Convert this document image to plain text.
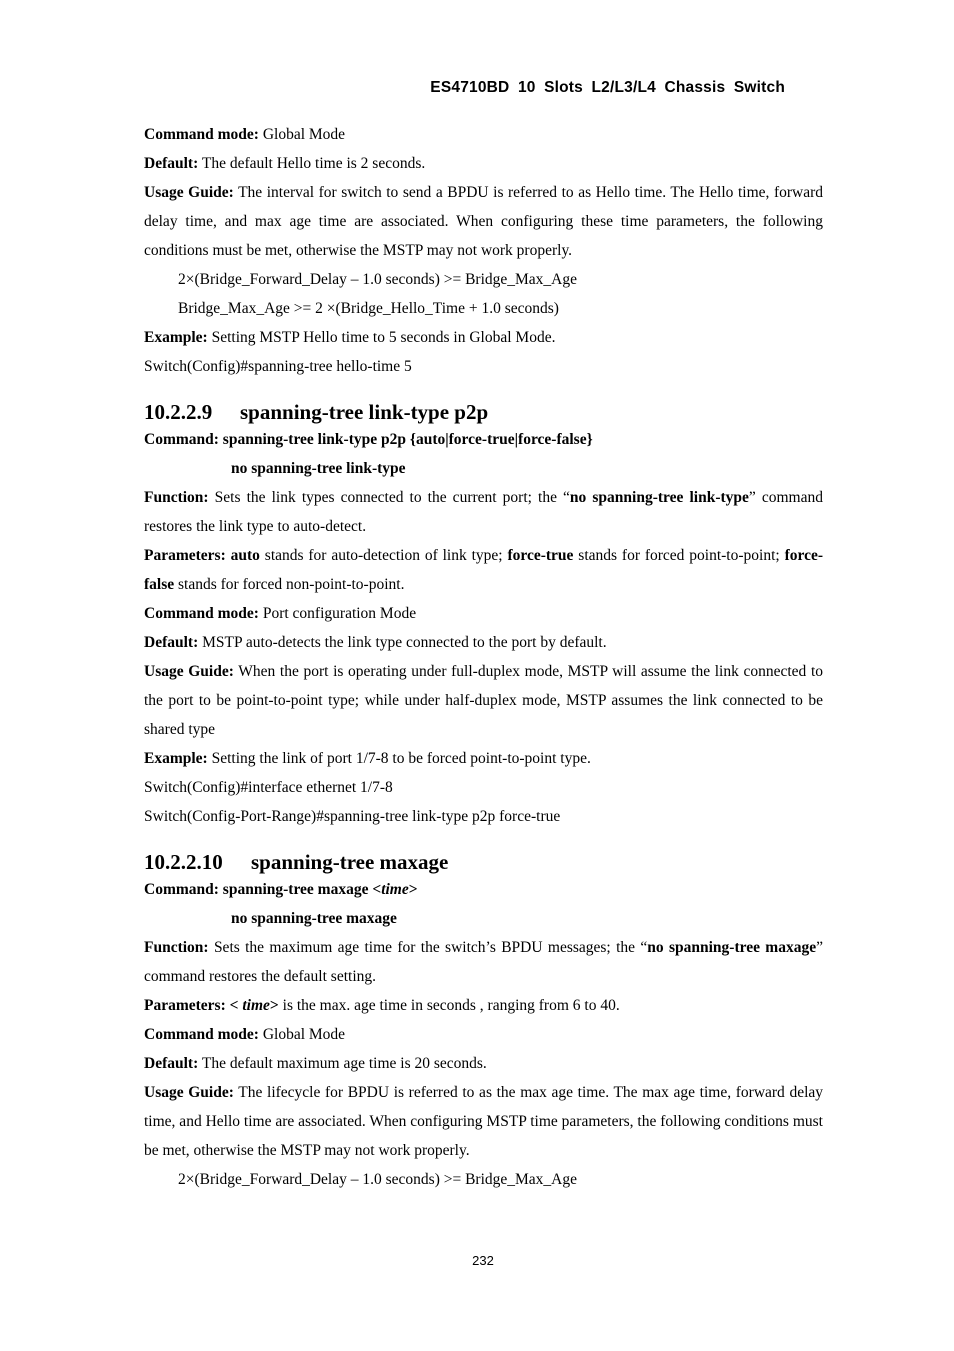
ES4710BD 10 Slots L2/L3/L4 Chassis Switch
Command mode: Global Mode
Default: The default Hello time is 2 seconds.
Usage Guide: The interval for switch to send a BPDU is referred to as Hello time. The Hello time, forward delay time, and max age time are associated. When configuring these time parameters, the following conditions must be met, otherwise the MSTP may not work properly.
2×(Bridge_Forward_Delay – 1.0 seconds) >= Bridge_Max_Age
Bridge_Max_Age >= 2 ×(Bridge_Hello_Time + 1.0 seconds)
Example: Setting MSTP Hello time to 5 seconds in Global Mode.
Switch(Config)#spanning-tree hello-time 5
10.2.2.9 spanning-tree link-type p2p
Command: spanning-tree link-type p2p {auto|force-true|force-false}
no spanning-tree link-type
Function: Sets the link types connected to the current port; the “no spanning-tree link-type” command restores the link type to auto-detect.
Parameters: auto stands for auto-detection of link type; force-true stands for forced point-to-point; force-false stands for forced non-point-to-point.
Command mode: Port configuration Mode
Default: MSTP auto-detects the link type connected to the port by default.
Usage Guide: When the port is operating under full-duplex mode, MSTP will assume the link connected to the port to be point-to-point type; while under half-duplex mode, MSTP assumes the link connected to be shared type
Example: Setting the link of port 1/7-8 to be forced point-to-point type.
Switch(Config)#interface ethernet 1/7-8
Switch(Config-Port-Range)#spanning-tree link-type p2p force-true
10.2.2.10 spanning-tree maxage
Command: spanning-tree maxage <time>
no spanning-tree maxage
Function: Sets the maximum age time for the switch’s BPDU messages; the “no spanning-tree maxage” command restores the default setting.
Parameters: < time> is the max. age time in seconds , ranging from 6 to 40.
Command mode: Global Mode
Default: The default maximum age time is 20 seconds.
Usage Guide: The lifecycle for BPDU is referred to as the max age time. The max age time, forward delay time, and Hello time are associated. When configuring MSTP time parameters, the following conditions must be met, otherwise the MSTP may not work properly.
2×(Bridge_Forward_Delay – 1.0 seconds) >= Bridge_Max_Age
232
